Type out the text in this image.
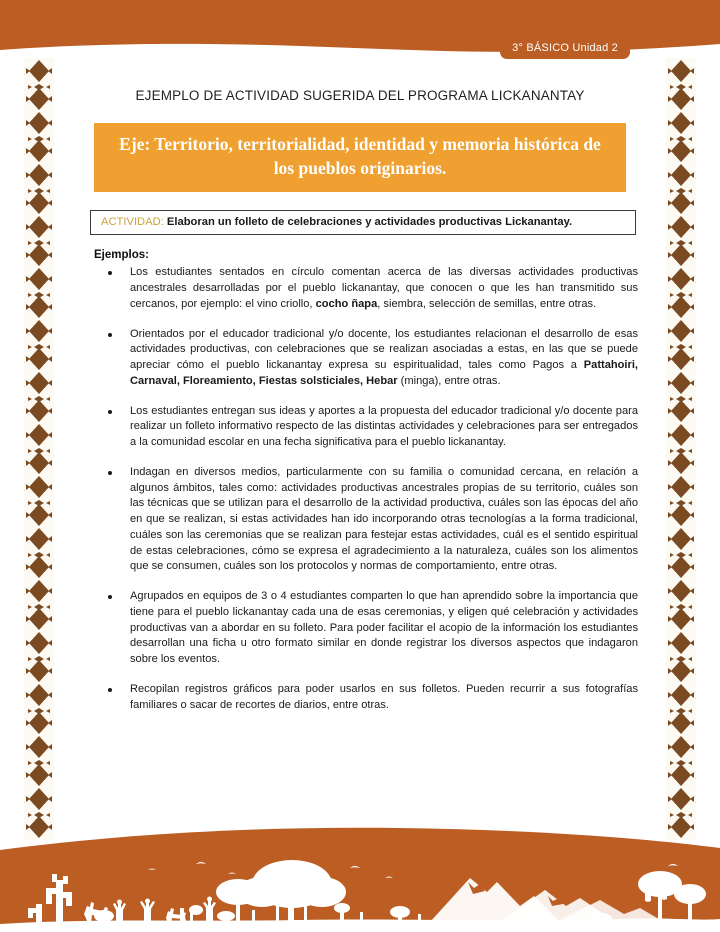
3° BÁSICO Unidad 2
EJEMPLO DE ACTIVIDAD SUGERIDA DEL PROGRAMA LICKANANTAY
Eje: Territorio, territorialidad, identidad y memoria histórica de los pueblos originarios.
ACTIVIDAD: Elaboran un folleto de celebraciones y actividades productivas Lickanantay.
Ejemplos:
Los estudiantes sentados en círculo comentan acerca de las diversas actividades productivas ancestrales desarrolladas por el pueblo lickanantay, que conocen o que les han transmitido sus cercanos, por ejemplo: el vino criollo, cocho ñapa, siembra, selección de semillas, entre otras.
Orientados por el educador tradicional y/o docente, los estudiantes relacionan el desarrollo de esas actividades productivas, con celebraciones que se realizan asociadas a estas, en las que se puede apreciar cómo el pueblo lickanantay expresa su espiritualidad, tales como Pagos a Pattahoiri, Carnaval, Floreamiento, Fiestas solsticiales, Hebar (minga), entre otras.
Los estudiantes entregan sus ideas y aportes a la propuesta del educador tradicional y/o docente para realizar un folleto informativo respecto de las distintas actividades y celebraciones para ser entregados a la comunidad escolar en una fecha significativa para el pueblo lickanantay.
Indagan en diversos medios, particularmente con su familia o comunidad cercana, en relación a algunos ámbitos, tales como: actividades productivas ancestrales propias de su territorio, cuáles son las técnicas que se utilizan para el desarrollo de la actividad productiva, cuáles son las épocas del año en que se realizan, si estas actividades han ido incorporando otras tecnologías a la forma tradicional, cuáles son las ceremonias que se realizan para festejar estas actividades, cuál es el sentido espiritual de estas celebraciones, cómo se expresa el agradecimiento a la naturaleza, cuáles son los alimentos que se consumen, cuáles son los protocolos y normas de comportamiento, entre otras.
Agrupados en equipos de 3 o 4 estudiantes comparten lo que han aprendido sobre la importancia que tiene para el pueblo lickanantay cada una de esas ceremonias, y eligen qué celebración y actividades productivas van a abordar en su folleto. Para poder facilitar el acopio de la información los estudiantes desarrollan una ficha u otro formato similar en donde registrar los diversos aspectos que indagaron sobre los eventos.
Recopilan registros gráficos para poder usarlos en sus folletos. Pueden recurrir a sus fotografías familiares o sacar de recortes de diarios, entre otras.
